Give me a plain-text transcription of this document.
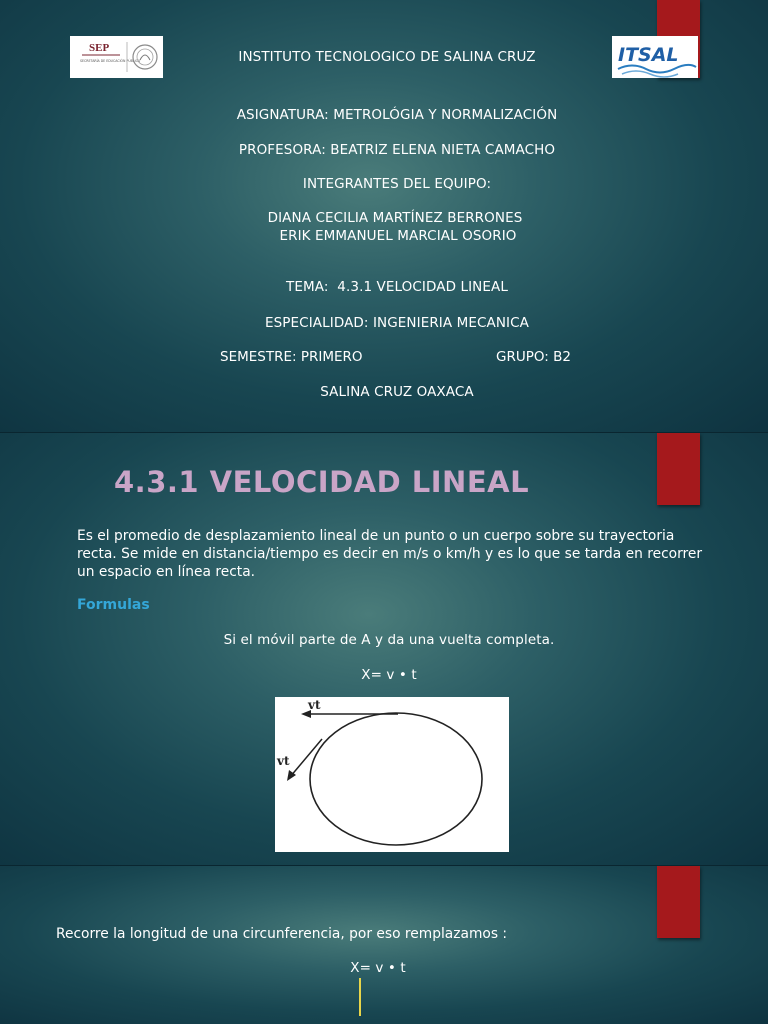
SEP
SECRETARÍA DE EDUCACIÓN PÚBLICA	ITSAL
INSTITUTO TECNOLOGICO DE SALINA CRUZ
ASIGNATURA: METROLÓGIA Y NORMALIZACIÓN
PROFESORA: BEATRIZ ELENA NIETA CAMACHO
INTEGRANTES DEL EQUIPO:
DIANA CECILIA MARTÍNEZ BERRONES
ERIK EMMANUEL MARCIAL OSORIO
TEMA:  4.3.1 VELOCIDAD LINEAL
ESPECIALIDAD: INGENIERIA MECANICA
SEMESTRE: PRIMERO	GRUPO: B2
SALINA CRUZ OAXACA
4.3.1 VELOCIDAD LINEAL
Es el promedio de desplazamiento lineal de un punto o un cuerpo sobre su trayectoria recta. Se mide en distancia/tiempo es decir en m/s o km/h y es lo que se tarda en recorrer un espacio en línea recta.
Formulas
Si el móvil parte de A y da una vuelta completa.
X= v • t
vt
vt
Recorre la longitud de una circunferencia, por eso remplazamos :
X= v • t
